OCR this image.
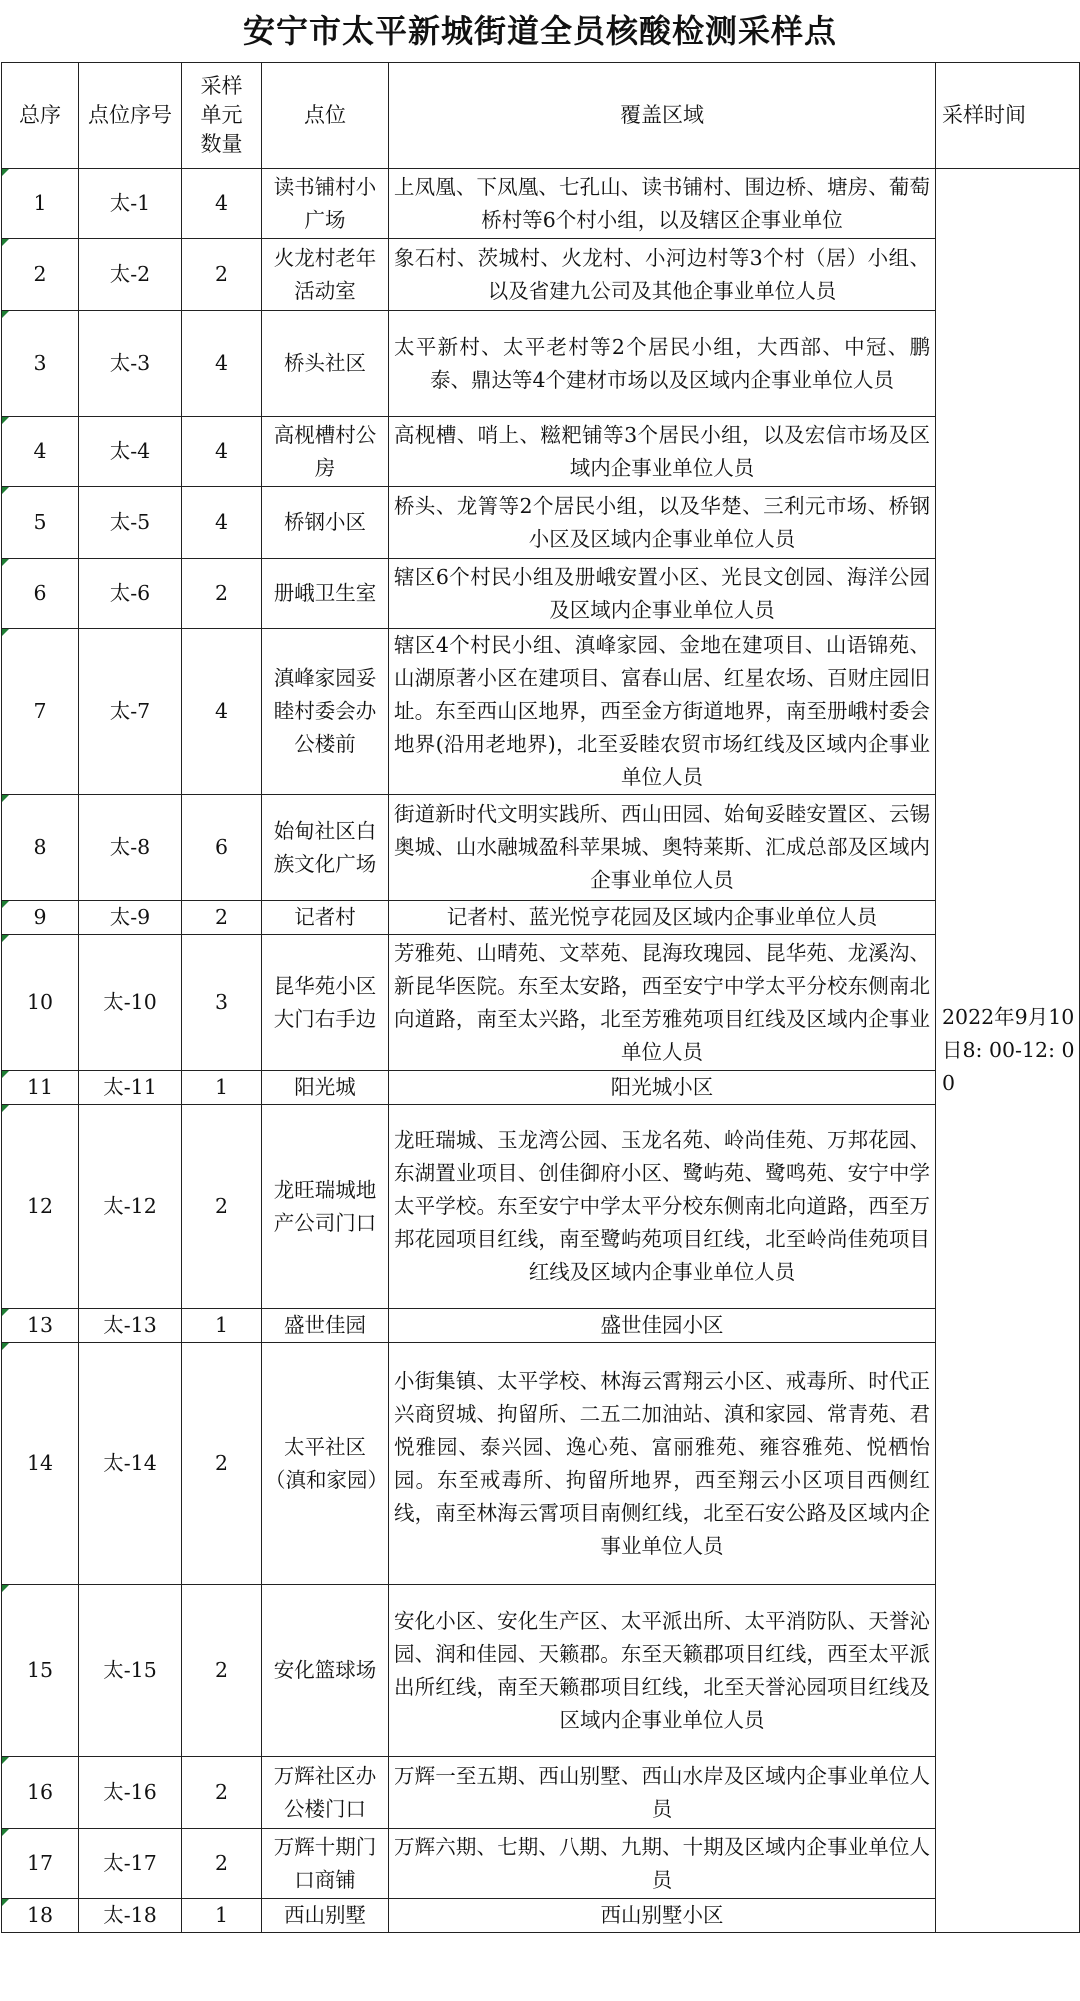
安宁市太平新城街道全员核酸检测采样点
总序	点位序号	采样单元数量	点位	覆盖区域	采样时间
1	太-1	4	读书铺村小广场	上凤凰、下凤凰、七孔山、读书铺村、围边桥、塘房、葡萄桥村等6个村小组，以及辖区企事业单位	2022年9月10日8: 00-12: 00
2	太-2	2	火龙村老年活动室	象石村、茨城村、火龙村、小河边村等3个村（居）小组、以及省建九公司及其他企事业单位人员	
3	太-3	4	桥头社区	太平新村、太平老村等2个居民小组，大西部、中冠、鹏泰、鼎达等4个建材市场以及区域内企事业单位人员	
4	太-4	4	高枧槽村公房	高枧槽、哨上、糍粑铺等3个居民小组，以及宏信市场及区域内企事业单位人员	
5	太-5	4	桥钢小区	桥头、龙箐等2个居民小组，以及华楚、三利元市场、桥钢小区及区域内企事业单位人员	
6	太-6	2	册峨卫生室	辖区6个村民小组及册峨安置小区、光艮文创园、海洋公园及区域内企事业单位人员	
7	太-7	4	滇峰家园妥睦村委会办公楼前	辖区4个村民小组、滇峰家园、金地在建项目、山语锦苑、山湖原著小区在建项目、富春山居、红星农场、百财庄园旧址。东至西山区地界，西至金方街道地界，南至册峨村委会地界(沿用老地界)，北至妥睦农贸市场红线及区域内企事业单位人员	
8	太-8	6	始甸社区白族文化广场	街道新时代文明实践所、西山田园、始甸妥睦安置区、云锡奥城、山水融城盈科苹果城、奥特莱斯、汇成总部及区域内企事业单位人员	
9	太-9	2	记者村	记者村、蓝光悦亨花园及区域内企事业单位人员	
10	太-10	3	昆华苑小区大门右手边	芳雅苑、山晴苑、文萃苑、昆海玫瑰园、昆华苑、龙溪沟、新昆华医院。东至太安路，西至安宁中学太平分校东侧南北向道路，南至太兴路，北至芳雅苑项目红线及区域内企事业单位人员	
11	太-11	1	阳光城	阳光城小区	
12	太-12	2	龙旺瑞城地产公司门口	龙旺瑞城、玉龙湾公园、玉龙名苑、岭尚佳苑、万邦花园、东湖置业项目、创佳御府小区、鹭屿苑、鹭鸣苑、安宁中学太平学校。东至安宁中学太平分校东侧南北向道路，西至万邦花园项目红线，南至鹭屿苑项目红线，北至岭尚佳苑项目红线及区域内企事业单位人员	
13	太-13	1	盛世佳园	盛世佳园小区	
14	太-14	2	太平社区（滇和家园）	小街集镇、太平学校、林海云霄翔云小区、戒毒所、时代正兴商贸城、拘留所、二五二加油站、滇和家园、常青苑、君悦雅园、泰兴园、逸心苑、富丽雅苑、雍容雅苑、悦栖怡园。东至戒毒所、拘留所地界，西至翔云小区项目西侧红线，南至林海云霄项目南侧红线，北至石安公路及区域内企事业单位人员	
15	太-15	2	安化篮球场	安化小区、安化生产区、太平派出所、太平消防队、天誉沁园、润和佳园、天籁郡。东至天籁郡项目红线，西至太平派出所红线，南至天籁郡项目红线，北至天誉沁园项目红线及区域内企事业单位人员	
16	太-16	2	万辉社区办公楼门口	万辉一至五期、西山别墅、西山水岸及区域内企事业单位人员	
17	太-17	2	万辉十期门口商铺	万辉六期、七期、八期、九期、十期及区域内企事业单位人员	
18	太-18	1	西山别墅	西山别墅小区	
